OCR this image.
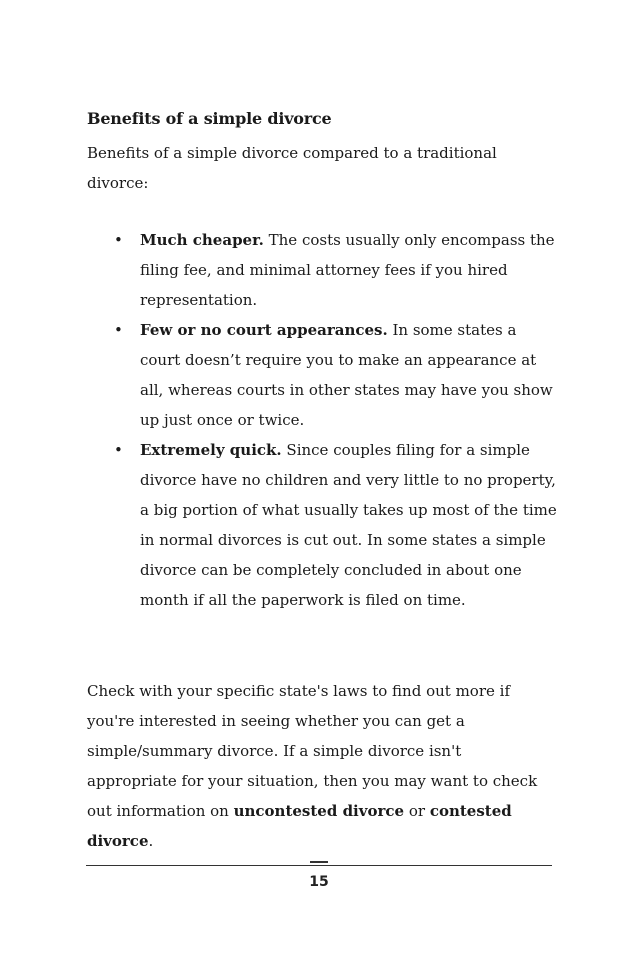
Benefits of a simple divorce

Benefits of a simple divorce compared to a traditional divorce:

• Much cheaper. The costs usually only encompass the filing fee, and minimal attorney fees if you hired representation.
• Few or no court appearances. In some states a court doesn’t require you to make an appearance at all, whereas courts in other states may have you show up just once or twice.
• Extremely quick. Since couples filing for a simple divorce have no children and very little to no property, a big portion of what usually takes up most of the time in normal divorces is cut out. In some states a simple divorce can be completely concluded in about one month if all the paperwork is filed on time.

Check with your specific state's laws to find out more if you're interested in seeing whether you can get a simple/summary divorce. If a simple divorce isn't appropriate for your situation, then you may want to check out information on uncontested divorce or contested divorce.

15
